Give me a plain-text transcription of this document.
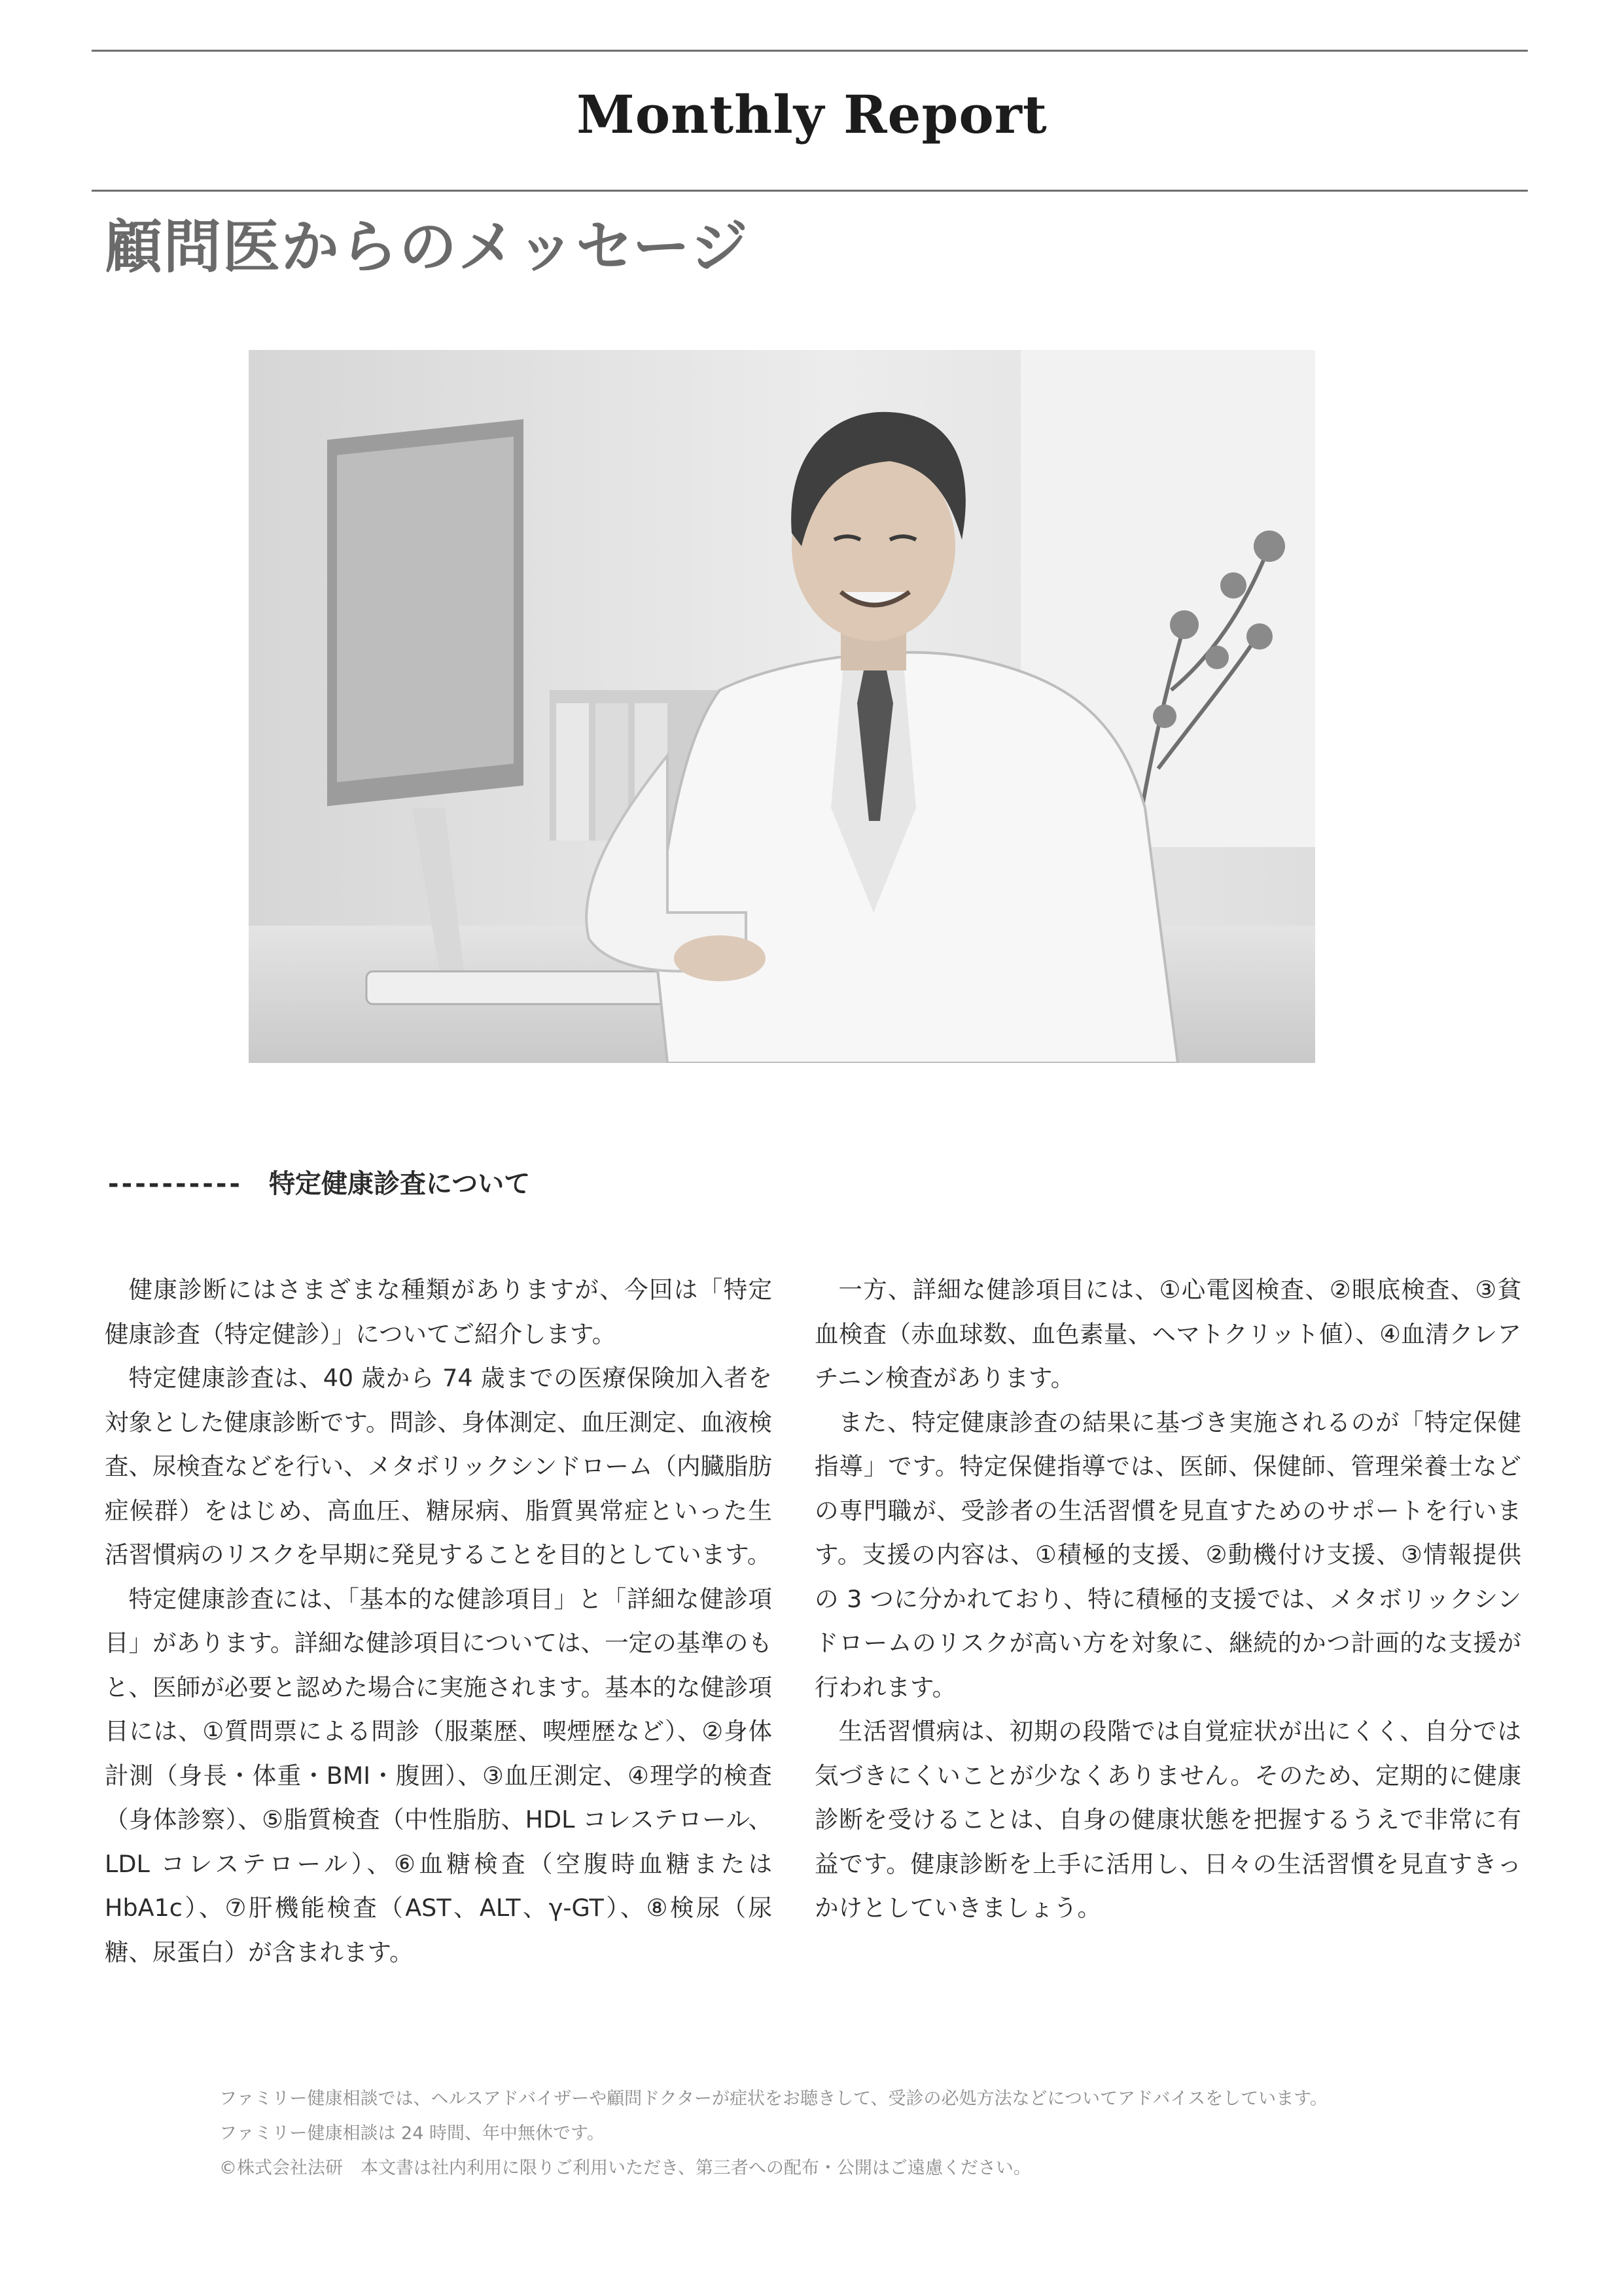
Monthly Report
顧問医からのメッセージ
---------- 特定健康診査について

健康診断にはさまざまな種類がありますが、今回は「特定健康診査（特定健診）」についてご紹介します。

特定健康診査は、40 歳から 74 歳までの医療保険加入者を対象とした健康診断です。問診、身体測定、血圧測定、血液検査、尿検査などを行い、メタボリックシンドローム（内臓脂肪症候群）をはじめ、高血圧、糖尿病、脂質異常症といった生活習慣病のリスクを早期に発見することを目的としています。

特定健康診査には、「基本的な健診項目」と「詳細な健診項目」があります。詳細な健診項目については、一定の基準のもと、医師が必要と認めた場合に実施されます。基本的な健診項目には、①質問票による問診（服薬歴、喫煙歴など）、②身体計測（身長・体重・BMI・腹囲）、③血圧測定、④理学的検査（身体診察）、⑤脂質検査（中性脂肪、HDL コレステロール、LDL コレステロール）、⑥血糖検査（空腹時血糖または HbA1c）、⑦肝機能検査（AST、ALT、γ-GT）、⑧検尿（尿糖、尿蛋白）が含まれます。

一方、詳細な健診項目には、①心電図検査、②眼底検査、③貧血検査（赤血球数、血色素量、ヘマトクリット値）、④血清クレアチニン検査があります。

また、特定健康診査の結果に基づき実施されるのが「特定保健指導」です。特定保健指導では、医師、保健師、管理栄養士などの専門職が、受診者の生活習慣を見直すためのサポートを行います。支援の内容は、①積極的支援、②動機付け支援、③情報提供の 3 つに分かれており、特に積極的支援では、メタボリックシンドロームのリスクが高い方を対象に、継続的かつ計画的な支援が行われます。

生活習慣病は、初期の段階では自覚症状が出にくく、自分では気づきにくいことが少なくありません。そのため、定期的に健康診断を受けることは、自身の健康状態を把握するうえで非常に有益です。健康診断を上手に活用し、日々の生活習慣を見直すきっかけとしていきましょう。

ファミリー健康相談では、ヘルスアドバイザーや顧問ドクターが症状をお聴きして、受診の必処方法などについてアドバイスをしています。
ファミリー健康相談は 24 時間、年中無休です。
©株式会社法研　本文書は社内利用に限りご利用いただき、第三者への配布・公開はご遠慮ください。
